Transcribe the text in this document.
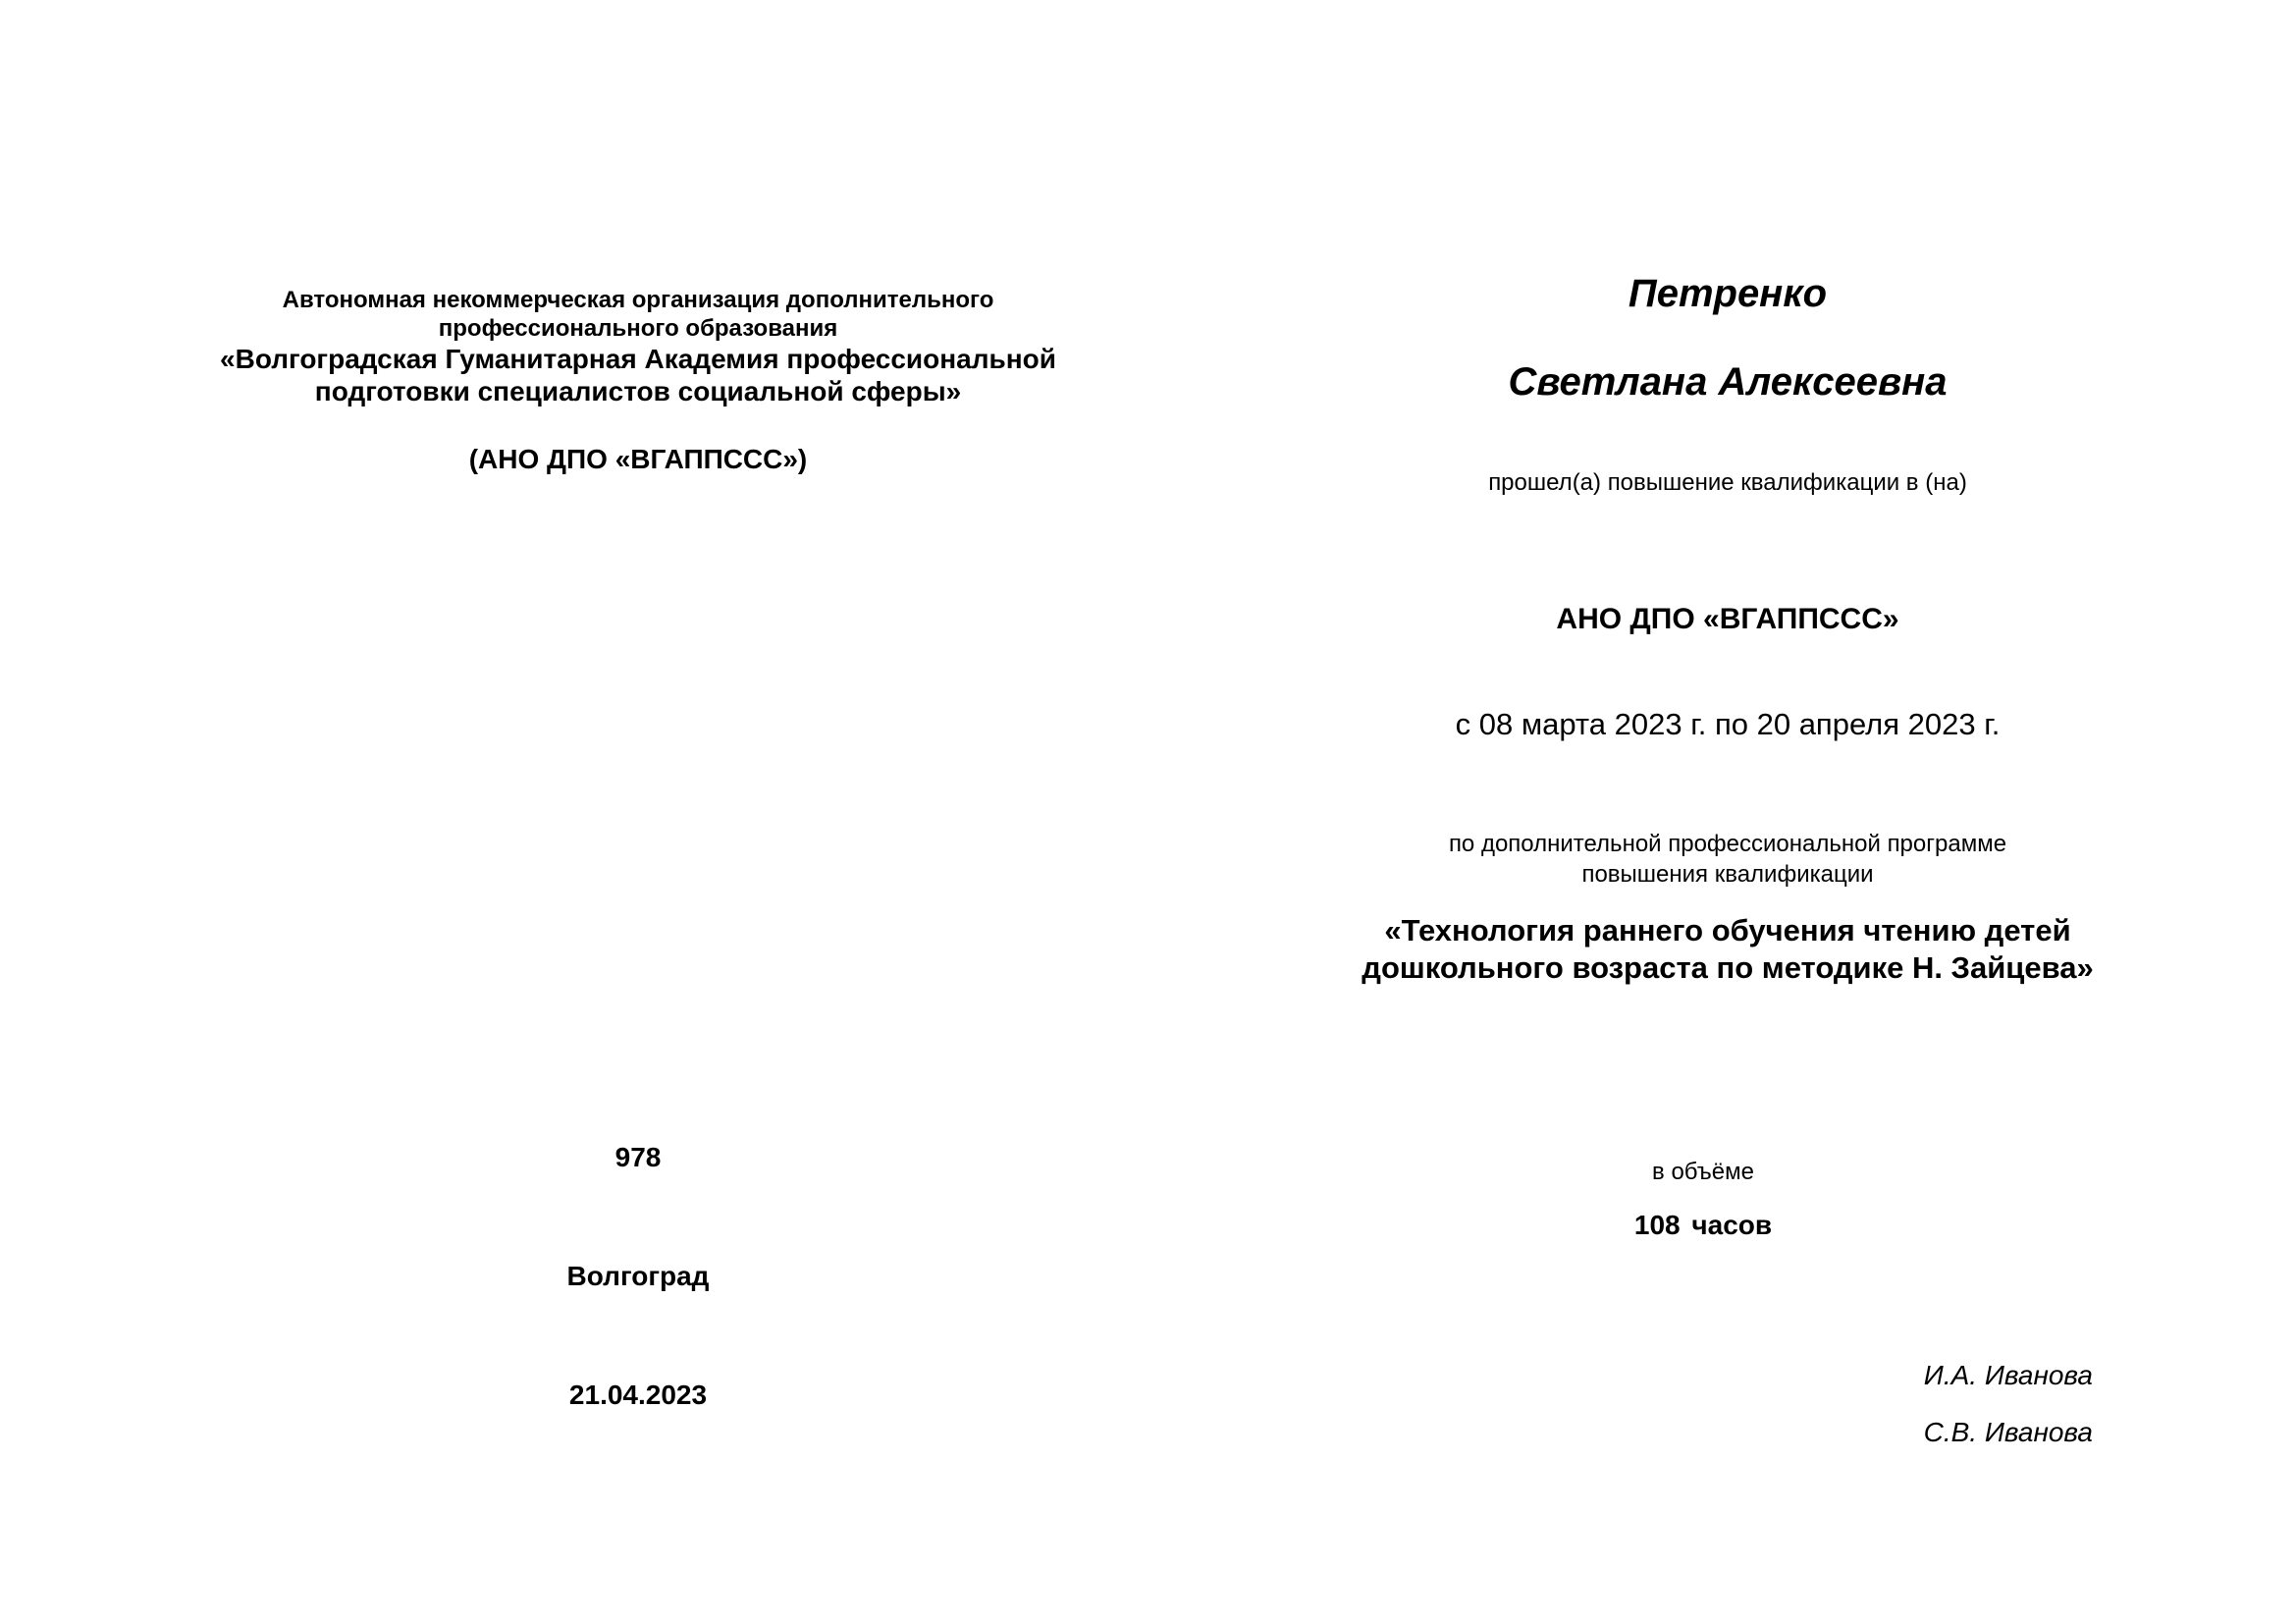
Автономная некоммерческая организация дополнительного
профессионального образования
«Волгоградская Гуманитарная Академия профессиональной
подготовки специалистов социальной сферы»
(АНО ДПО «ВГАППССС»)
978
Волгоград
21.04.2023
Петренко
Светлана Алексеевна
прошел(а) повышение квалификации в (на)
АНО ДПО «ВГАППССС»
с 08 марта 2023 г. по 20 апреля 2023 г.
по дополнительной профессиональной программе
повышения квалификации
«Технология раннего обучения чтению детей
дошкольного возраста по методике Н. Зайцева»
в объёме
108 часов
И.А. Иванова
С.В. Иванова
